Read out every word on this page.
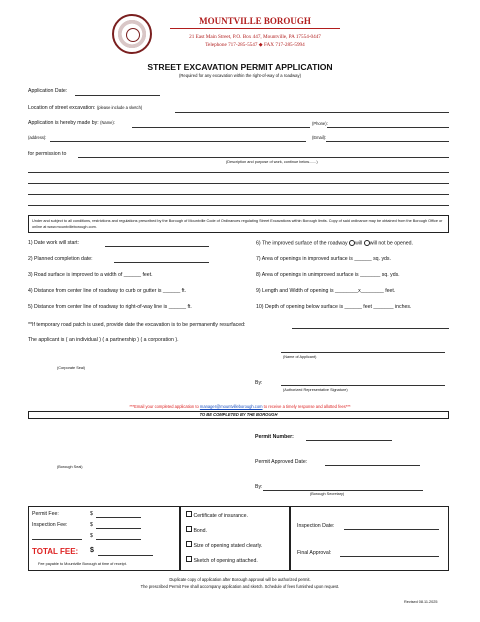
MOUNTVILLE BOROUGH
21 East Main Street, P.O. Box 447, Mountville, PA 17554-0447
Telephone 717-285-5547 ◆ FAX 717-285-5994
STREET EXCAVATION PERMIT APPLICATION
(Required for any excavation within the right-of-way of a roadway)
Application Date:
Location of street excavation: (please include a sketch)
Application is hereby made by: (Name):	(Phone):
(address):	(Email):
for permission to
(Description and purpose of work, continue below.......)
Under and subject to all conditions, restrictions and regulations prescribed by the Borough of Mountville Code of Ordinances regulating Street Excavations within Borough limits. Copy of said ordinance may be obtained from the Borough Office or online at www.mountvilleborough.com.
1) Date work will start:
2) Planned completion date:
3) Road surface is improved to a width of ______ feet.
4) Distance from center line of roadway to curb or gutter is ______ ft.
5) Distance from center line of roadway to right-of-way line is ______ ft.
6) The improved surface of the roadway will will not be opened.
7) Area of openings in improved surface is ______ sq. yds.
8) Area of openings in unimproved surface is _______ sq. yds.
9) Length and Width of opening is ________x________ feet.
10) Depth of opening below surface is ______ feet _______ inches.
**If temporary road patch is used, provide date the excavation is to be permanently resurfaced:
The applicant is ( an individual ) ( a partnership ) ( a corporation ).
(Name of Applicant)
(Corporate Seal)
By:
(Authorized Representative Signature)
***Email your completed application to manager@mountvilleborough.com to receive a timely response and allotted fees***
TO BE COMPLETED BY THE BOROUGH
Permit Number:
(Borough Seal)
Permit Approved Date:
By:
(Borough Secretary)
Permit Fee:	$
Inspection Fee:	$
$
TOTAL FEE: $
Fee payable to Mountville Borough at time of receipt.
Certificate of insurance.
Bond.
Size of opening stated clearly.
Sketch of opening attached.
Inspection Date:
Final Approval:
Duplicate copy of application after Borough approval will be authorized permit.
The prescribed Permit Fee shall accompany application and sketch. Schedule of fees furnished upon request.
Revised 08.11.2025
